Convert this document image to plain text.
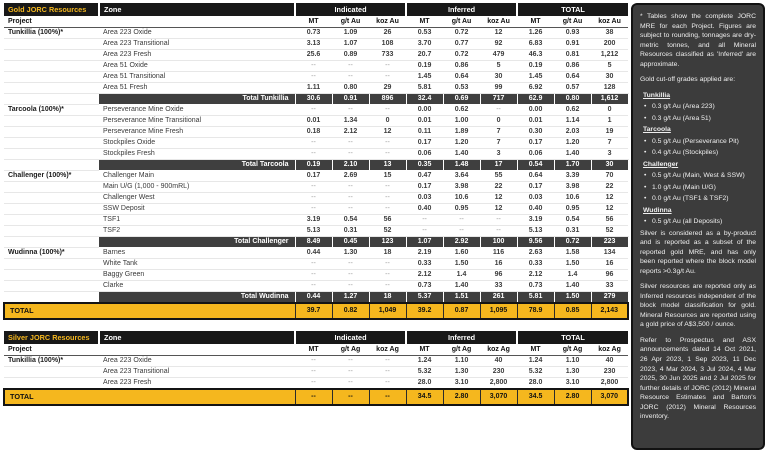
Gold JORC Resources	Zone	Indicated			Inferred			TOTAL		
Project		MT	g/t Au	koz Au	MT	g/t Au	koz Au	MT	g/t Au	koz Au
Tunkillia (100%)*	Area 223 Oxide	0.73	1.09	26	0.53	0.72	12	1.26	0.93	38
	Area 223 Transitional	3.13	1.07	108	3.70	0.77	92	6.83	0.91	200
	Area 223 Fresh	25.6	0.89	733	20.7	0.72	479	46.3	0.81	1,212
	Area 51 Oxide	--	--	--	0.19	0.86	5	0.19	0.86	5
	Area 51 Transitional	--	--	--	1.45	0.64	30	1.45	0.64	30
	Area 51 Fresh	1.11	0.80	29	5.81	0.53	99	6.92	0.57	128
	Total Tunkillia	30.6	0.91	896	32.4	0.69	717	62.9	0.80	1,612
Tarcoola (100%)*	Perseverance Mine Oxide	--	--	--	0.00	0.62	--	0.00	0.62	0
	Perseverance Mine Transitional	0.01	1.34	0	0.01	1.00	0	0.01	1.14	1
	Perseverance Mine Fresh	0.18	2.12	12	0.11	1.89	7	0.30	2.03	19
	Stockpiles Oxide	--	--	--	0.17	1.20	7	0.17	1.20	7
	Stockpiles Fresh	--	--	--	0.06	1.40	3	0.06	1.40	3
	Total Tarcoola	0.19	2.10	13	0.35	1.48	17	0.54	1.70	30
Challenger (100%)*	Challenger Main	0.17	2.69	15	0.47	3.64	55	0.64	3.39	70
	Main U/G (1,000 - 900mRL)	--	--	--	0.17	3.98	22	0.17	3.98	22
	Challenger West	--	--	--	0.03	10.6	12	0.03	10.6	12
	SSW Deposit	--	--	--	0.40	0.95	12	0.40	0.95	12
	TSF1	3.19	0.54	56	--	--	--	3.19	0.54	56
	TSF2	5.13	0.31	52	--	--	--	5.13	0.31	52
	Total Challenger	8.49	0.45	123	1.07	2.92	100	9.56	0.72	223
Wudinna (100%)*	Barnes	0.44	1.30	18	2.19	1.60	116	2.63	1.58	134
	White Tank	--	--	--	0.33	1.50	16	0.33	1.50	16
	Baggy Green	--	--	--	2.12	1.4	96	2.12	1.4	96
	Clarke	--	--	--	0.73	1.40	33	0.73	1.40	33
	Total Wudinna	0.44	1.27	18	5.37	1.51	261	5.81	1.50	279
TOTAL		39.7	0.82	1,049	39.2	0.87	1,095	78.9	0.85	2,143
Silver JORC Resources	Zone	Indicated			Inferred			TOTAL		
Project		MT	g/t Ag	koz Ag	MT	g/t Ag	koz Ag	MT	g/t Ag	koz Ag
Tunkillia (100%)*	Area 223 Oxide	--	--	--	1.24	1.10	40	1.24	1.10	40
	Area 223 Transitional	--	--	--	5.32	1.30	230	5.32	1.30	230
	Area 223 Fresh	--	--	--	28.0	3.10	2,800	28.0	3.10	2,800
TOTAL		--	--	--	34.5	2.80	3,070	34.5	2.80	3,070
* Tables show the complete JORC MRE for each Project. Figures are subject to rounding, tonnages are dry-metric tonnes, and all Mineral Resources classified as 'Inferred' are approximate.
Gold cut-off grades applied are:
Tunkillia
• 0.3 g/t Au (Area 223)
• 0.3 g/t Au (Area 51)
Tarcoola
• 0.5 g/t Au (Perseverance Pit)
• 0.4 g/t Au (Stockpiles)
Challenger
• 0.5 g/t Au (Main, West & SSW)
• 1.0 g/t Au (Main U/G)
• 0.0 g/t Au (TSF1 & TSF2)
Wudinna
• 0.5 g/t Au (all Deposits)
Silver is considered as a by-product and is reported as a subset of the reported gold MRE, and has only been reported where the block model reports >0.3g/t Au.
Silver resources are reported only as Inferred resources independent of the block model classification for gold. Mineral Resources are reported using a gold price of A$3,500 / ounce.
Refer to Prospectus and ASX announcements dated 14 Oct 2021, 26 Apr 2023, 1 Sep 2023, 11 Dec 2023, 4 Mar 2024, 3 Jul 2024, 4 Mar 2025, 30 Jun 2025 and 2 Jul 2025 for further details of JORC (2012) Mineral Resource Estimates and Barton's JORC (2012) Mineral Resources inventory.
